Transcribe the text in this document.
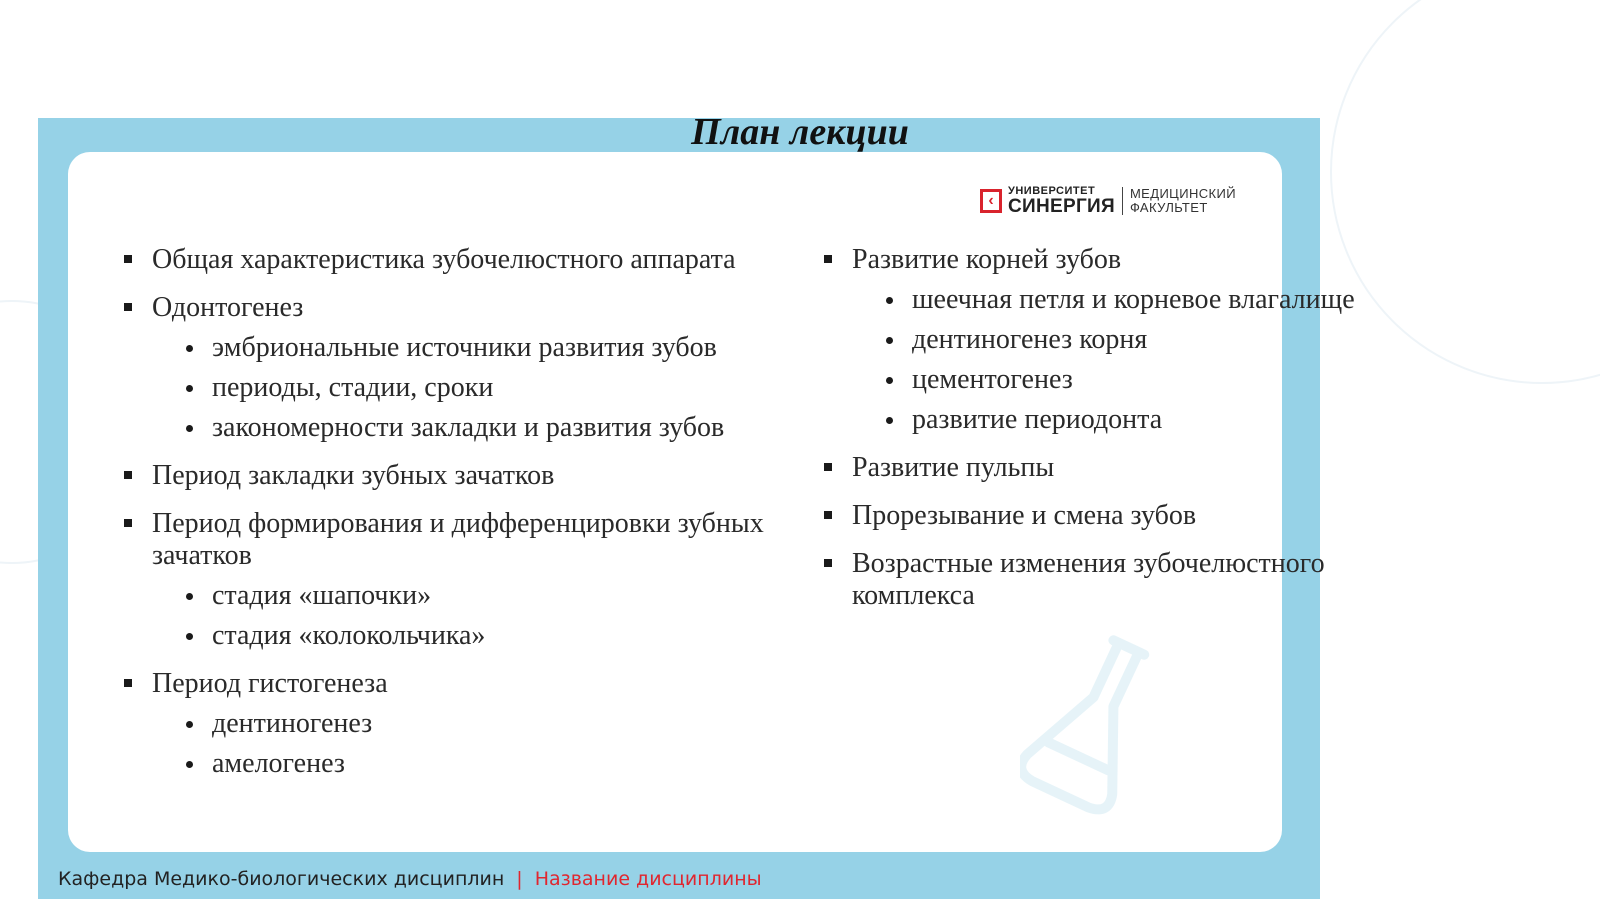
План лекции
‹
УНИВЕРСИТЕТ
СИНЕРГИЯ
МЕДИЦИНСКИЙ
ФАКУЛЬТЕТ
Общая характеристика зубочелюстного аппарата
Одонтогенез
эмбриональные источники развития зубов
периоды, стадии, сроки
закономерности закладки и развития зубов
Период закладки зубных зачатков
Период формирования и дифференцировки зубных зачатков
стадия «шапочки»
стадия «колокольчика»
Период гистогенеза
дентиногенез
амелогенез
Развитие корней зубов
шеечная петля и корневое влагалище
дентиногенез корня
цементогенез
развитие периодонта
Развитие пульпы
Прорезывание и смена зубов
Возрастные изменения зубочелюстного комплекса
Кафедра Медико-биологических дисциплин | Название дисциплины
